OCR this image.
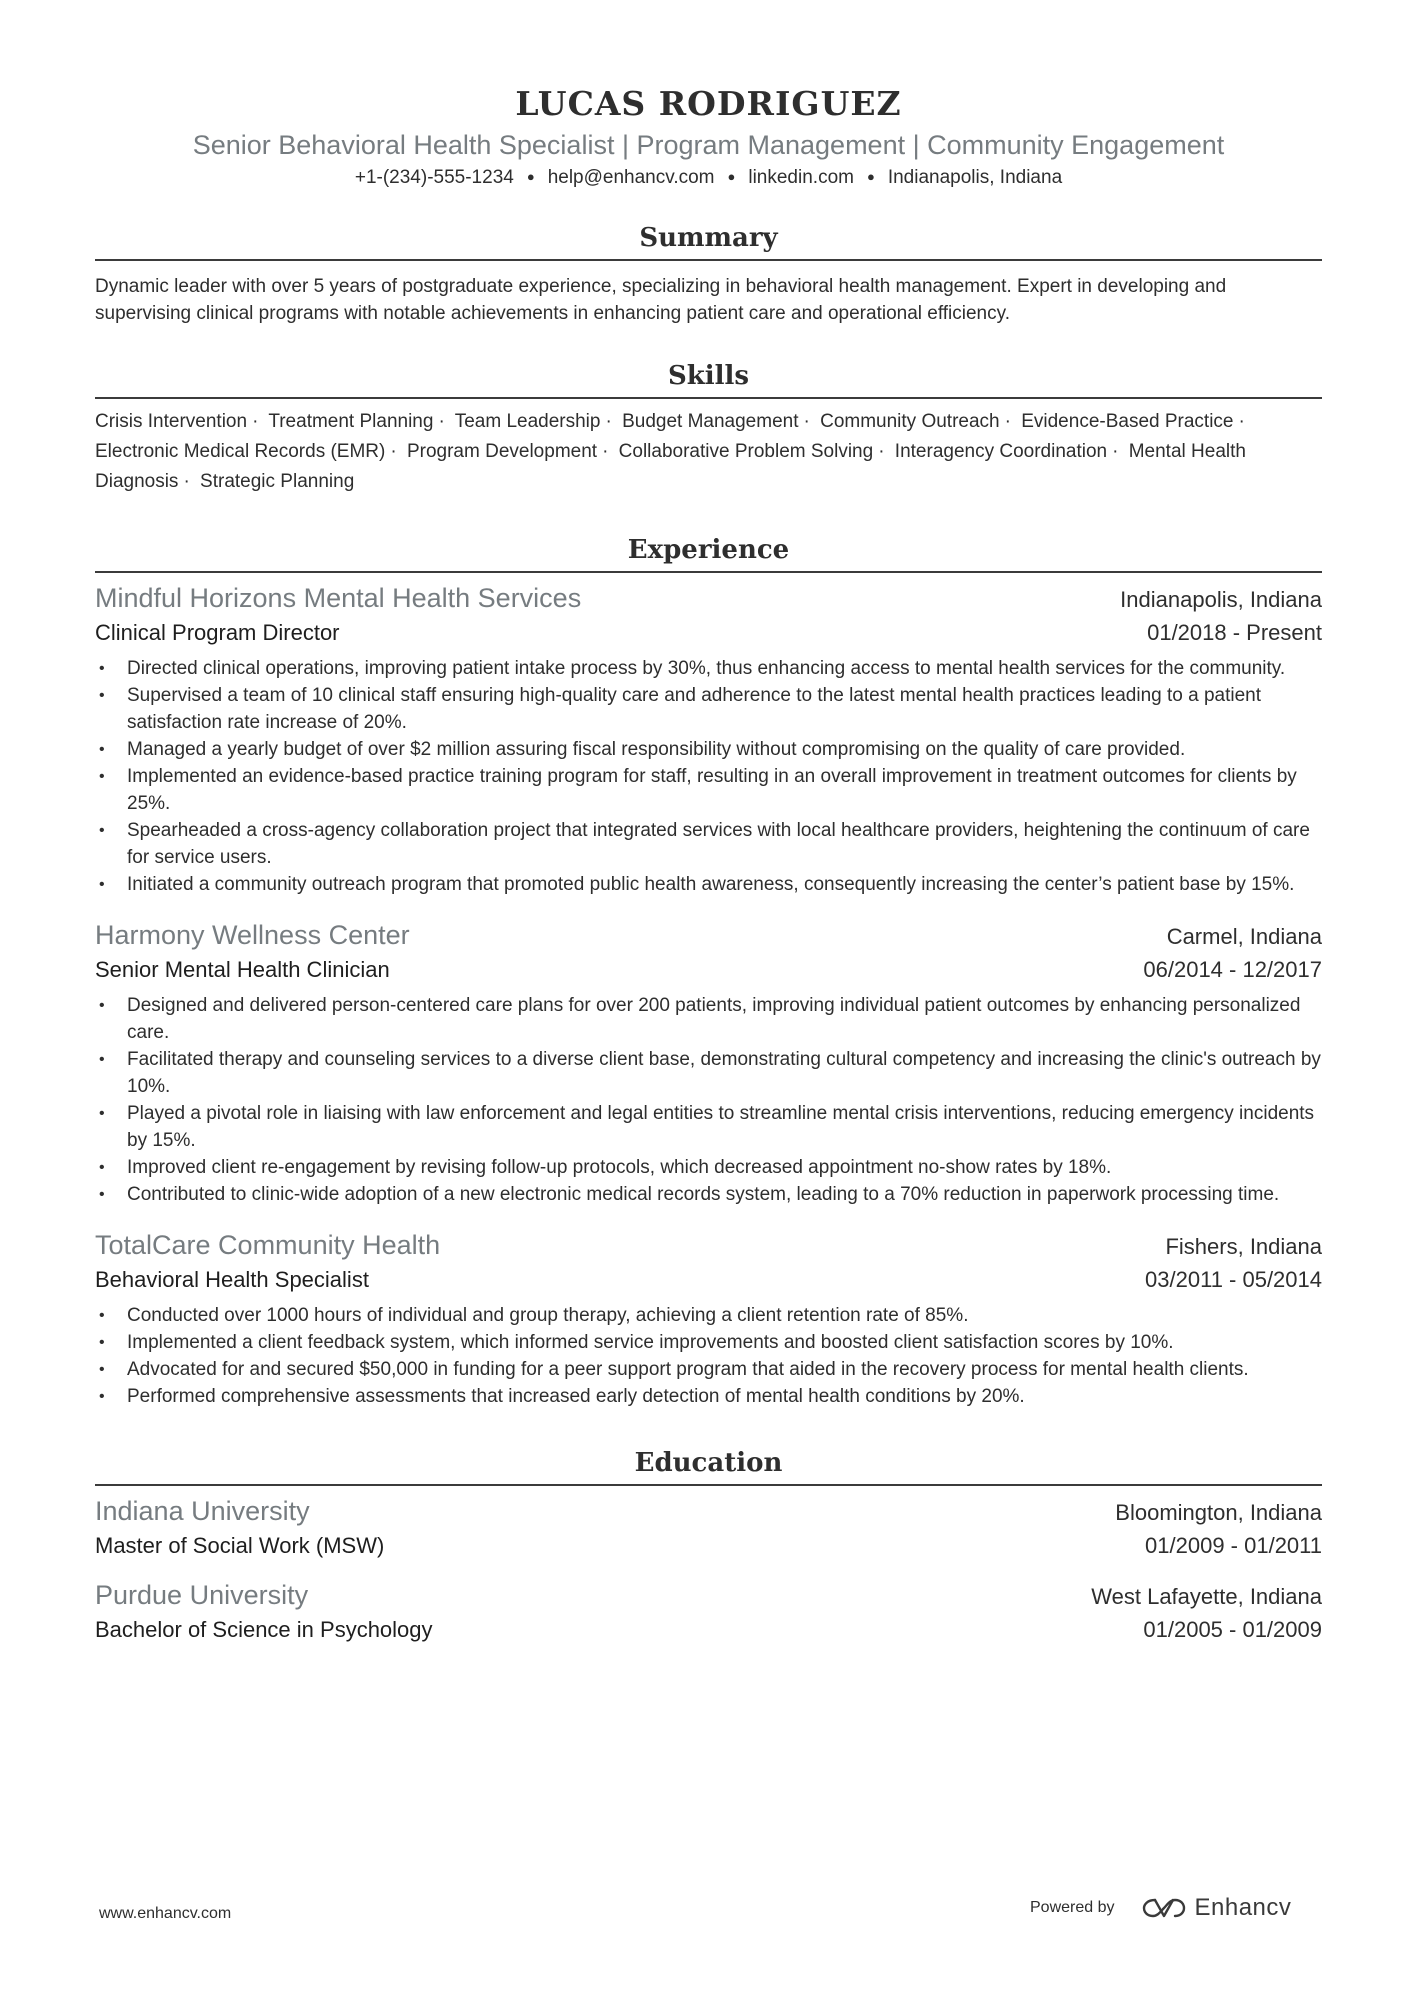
LUCAS RODRIGUEZ
Senior Behavioral Health Specialist | Program Management | Community Engagement
+1-(234)-555-1234 ● help@enhancv.com ● linkedin.com ● Indianapolis, Indiana
Summary

Dynamic leader with over 5 years of postgraduate experience, specializing in behavioral health management. Expert in developing and supervising clinical programs with notable achievements in enhancing patient care and operational efficiency.

Skills
Crisis Intervention · Treatment Planning · Team Leadership · Budget Management · Community Outreach · Evidence-Based Practice · Electronic Medical Records (EMR) · Program Development · Collaborative Problem Solving · Interagency Coordination · Mental Health Diagnosis · Strategic Planning
Experience
Mindful Horizons Mental Health Services	Indianapolis, Indiana
Clinical Program Director	01/2018 - Present
• Directed clinical operations, improving patient intake process by 30%, thus enhancing access to mental health services for the community.
• Supervised a team of 10 clinical staff ensuring high-quality care and adherence to the latest mental health practices leading to a patient satisfaction rate increase of 20%.
• Managed a yearly budget of over $2 million assuring fiscal responsibility without compromising on the quality of care provided.
• Implemented an evidence-based practice training program for staff, resulting in an overall improvement in treatment outcomes for clients by 25%.
• Spearheaded a cross-agency collaboration project that integrated services with local healthcare providers, heightening the continuum of care for service users.
• Initiated a community outreach program that promoted public health awareness, consequently increasing the center’s patient base by 15%.
Harmony Wellness Center	Carmel, Indiana
Senior Mental Health Clinician	06/2014 - 12/2017
• Designed and delivered person-centered care plans for over 200 patients, improving individual patient outcomes by enhancing personalized care.
• Facilitated therapy and counseling services to a diverse client base, demonstrating cultural competency and increasing the clinic's outreach by 10%.
• Played a pivotal role in liaising with law enforcement and legal entities to streamline mental crisis interventions, reducing emergency incidents by 15%.
• Improved client re-engagement by revising follow-up protocols, which decreased appointment no-show rates by 18%.
• Contributed to clinic-wide adoption of a new electronic medical records system, leading to a 70% reduction in paperwork processing time.
TotalCare Community Health	Fishers, Indiana
Behavioral Health Specialist	03/2011 - 05/2014
• Conducted over 1000 hours of individual and group therapy, achieving a client retention rate of 85%.
• Implemented a client feedback system, which informed service improvements and boosted client satisfaction scores by 10%.
• Advocated for and secured $50,000 in funding for a peer support program that aided in the recovery process for mental health clients.
• Performed comprehensive assessments that increased early detection of mental health conditions by 20%.
Education
Indiana University	Bloomington, Indiana
Master of Social Work (MSW)	01/2009 - 01/2011
Purdue University	West Lafayette, Indiana
Bachelor of Science in Psychology	01/2005 - 01/2009
www.enhancv.com	Powered by	Enhancv
